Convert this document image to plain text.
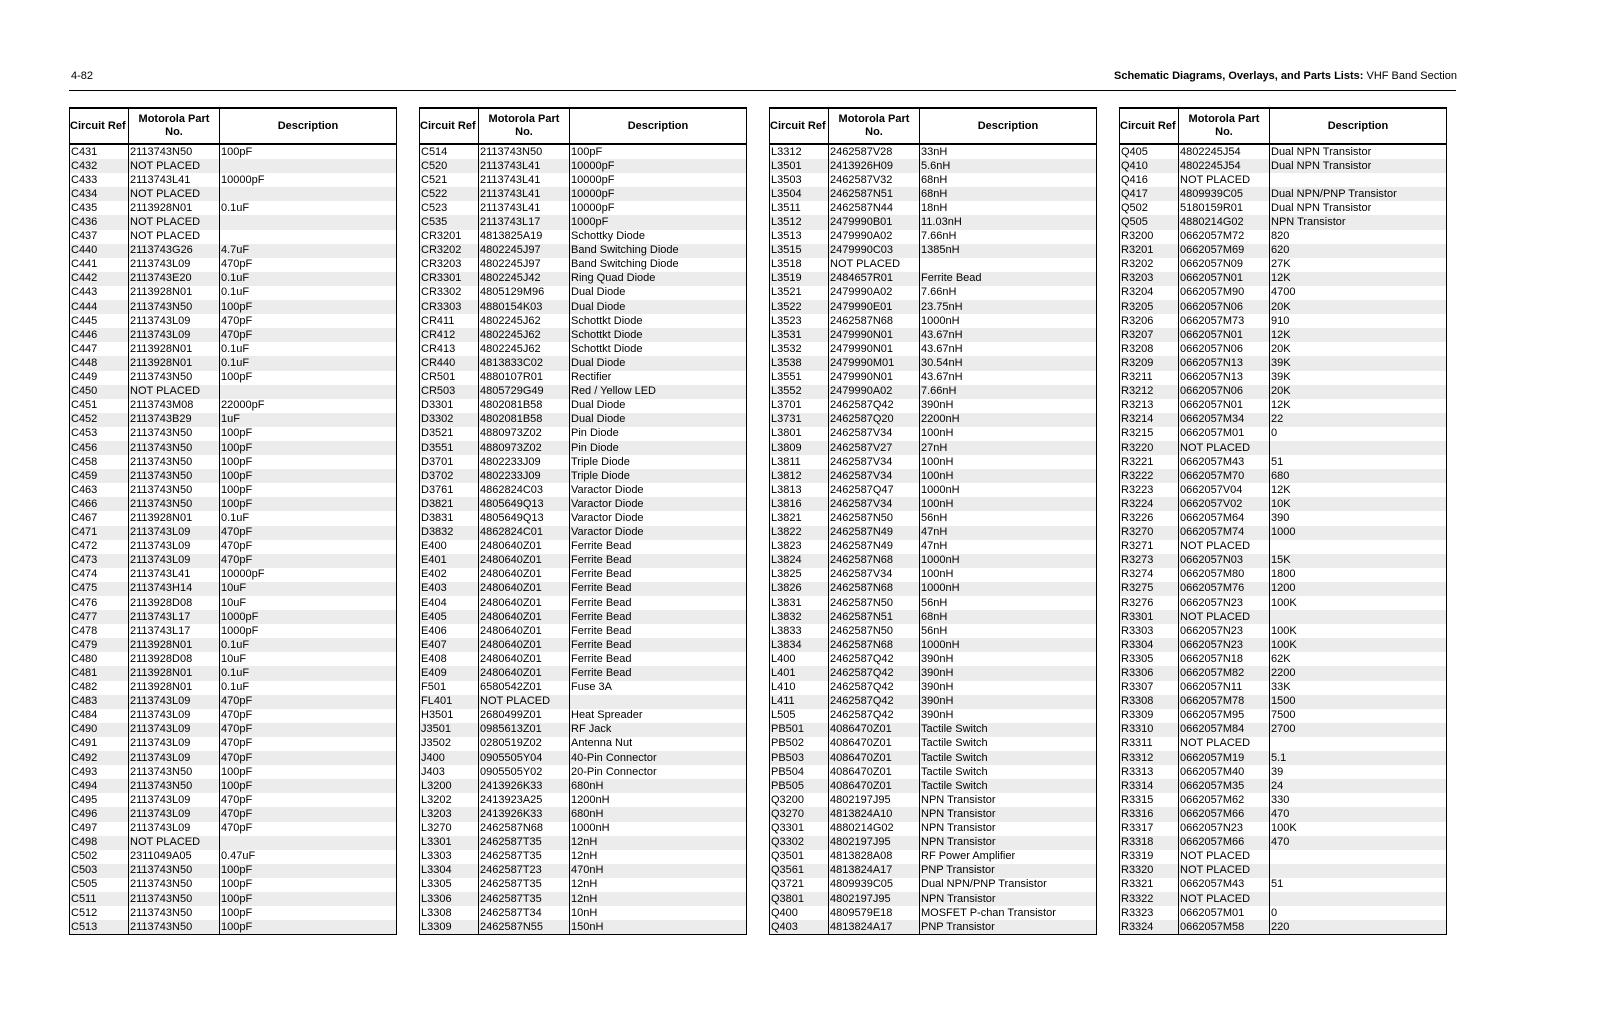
4-82	Schematic Diagrams, Overlays, and Parts Lists: VHF Band Section
Circuit Ref	Motorola Part No.	Description
C431	2113743N50	100pF
C432	NOT PLACED	
C433	2113743L41	10000pF
C434	NOT PLACED	
C435	2113928N01	0.1uF
C436	NOT PLACED	
C437	NOT PLACED	
C440	2113743G26	4.7uF
C441	2113743L09	470pF
C442	2113743E20	0.1uF
C443	2113928N01	0.1uF
C444	2113743N50	100pF
C445	2113743L09	470pF
C446	2113743L09	470pF
C447	2113928N01	0.1uF
C448	2113928N01	0.1uF
C449	2113743N50	100pF
C450	NOT PLACED	
C451	2113743M08	22000pF
C452	2113743B29	1uF
C453	2113743N50	100pF
C456	2113743N50	100pF
C458	2113743N50	100pF
C459	2113743N50	100pF
C463	2113743N50	100pF
C466	2113743N50	100pF
C467	2113928N01	0.1uF
C471	2113743L09	470pF
C472	2113743L09	470pF
C473	2113743L09	470pF
C474	2113743L41	10000pF
C475	2113743H14	10uF
C476	2113928D08	10uF
C477	2113743L17	1000pF
C478	2113743L17	1000pF
C479	2113928N01	0.1uF
C480	2113928D08	10uF
C481	2113928N01	0.1uF
C482	2113928N01	0.1uF
C483	2113743L09	470pF
C484	2113743L09	470pF
C490	2113743L09	470pF
C491	2113743L09	470pF
C492	2113743L09	470pF
C493	2113743N50	100pF
C494	2113743N50	100pF
C495	2113743L09	470pF
C496	2113743L09	470pF
C497	2113743L09	470pF
C498	NOT PLACED	
C502	2311049A05	0.47uF
C503	2113743N50	100pF
C505	2113743N50	100pF
C511	2113743N50	100pF
C512	2113743N50	100pF
C513	2113743N50	100pF
Circuit Ref	Motorola Part No.	Description
C514	2113743N50	100pF
C520	2113743L41	10000pF
C521	2113743L41	10000pF
C522	2113743L41	10000pF
C523	2113743L41	10000pF
C535	2113743L17	1000pF
CR3201	4813825A19	Schottky Diode
CR3202	4802245J97	Band Switching Diode
CR3203	4802245J97	Band Switching Diode
CR3301	4802245J42	Ring Quad Diode
CR3302	4805129M96	Dual Diode
CR3303	4880154K03	Dual Diode
CR411	4802245J62	Schottkt Diode
CR412	4802245J62	Schottkt Diode
CR413	4802245J62	Schottkt Diode
CR440	4813833C02	Dual Diode
CR501	4880107R01	Rectifier
CR503	4805729G49	Red / Yellow LED
D3301	4802081B58	Dual Diode
D3302	4802081B58	Dual Diode
D3521	4880973Z02	Pin Diode
D3551	4880973Z02	Pin Diode
D3701	4802233J09	Triple Diode
D3702	4802233J09	Triple Diode
D3761	4862824C03	Varactor Diode
D3821	4805649Q13	Varactor Diode
D3831	4805649Q13	Varactor Diode
D3832	4862824C01	Varactor Diode
E400	2480640Z01	Ferrite Bead
E401	2480640Z01	Ferrite Bead
E402	2480640Z01	Ferrite Bead
E403	2480640Z01	Ferrite Bead
E404	2480640Z01	Ferrite Bead
E405	2480640Z01	Ferrite Bead
E406	2480640Z01	Ferrite Bead
E407	2480640Z01	Ferrite Bead
E408	2480640Z01	Ferrite Bead
E409	2480640Z01	Ferrite Bead
F501	6580542Z01	Fuse 3A
FL401	NOT PLACED	
H3501	2680499Z01	Heat Spreader
J3501	0985613Z01	RF Jack
J3502	0280519Z02	Antenna Nut
J400	0905505Y04	40-Pin Connector
J403	0905505Y02	20-Pin Connector
L3200	2413926K33	680nH
L3202	2413923A25	1200nH
L3203	2413926K33	680nH
L3270	2462587N68	1000nH
L3301	2462587T35	12nH
L3303	2462587T35	12nH
L3304	2462587T23	470nH
L3305	2462587T35	12nH
L3306	2462587T35	12nH
L3308	2462587T34	10nH
L3309	2462587N55	150nH
Circuit Ref	Motorola Part No.	Description
L3312	2462587V28	33nH
L3501	2413926H09	5.6nH
L3503	2462587V32	68nH
L3504	2462587N51	68nH
L3511	2462587N44	18nH
L3512	2479990B01	11.03nH
L3513	2479990A02	7.66nH
L3515	2479990C03	1385nH
L3518	NOT PLACED	
L3519	2484657R01	Ferrite Bead
L3521	2479990A02	7.66nH
L3522	2479990E01	23.75nH
L3523	2462587N68	1000nH
L3531	2479990N01	43.67nH
L3532	2479990N01	43.67nH
L3538	2479990M01	30.54nH
L3551	2479990N01	43.67nH
L3552	2479990A02	7.66nH
L3701	2462587Q42	390nH
L3731	2462587Q20	2200nH
L3801	2462587V34	100nH
L3809	2462587V27	27nH
L3811	2462587V34	100nH
L3812	2462587V34	100nH
L3813	2462587Q47	1000nH
L3816	2462587V34	100nH
L3821	2462587N50	56nH
L3822	2462587N49	47nH
L3823	2462587N49	47nH
L3824	2462587N68	1000nH
L3825	2462587V34	100nH
L3826	2462587N68	1000nH
L3831	2462587N50	56nH
L3832	2462587N51	68nH
L3833	2462587N50	56nH
L3834	2462587N68	1000nH
L400	2462587Q42	390nH
L401	2462587Q42	390nH
L410	2462587Q42	390nH
L411	2462587Q42	390nH
L505	2462587Q42	390nH
PB501	4086470Z01	Tactile Switch
PB502	4086470Z01	Tactile Switch
PB503	4086470Z01	Tactile Switch
PB504	4086470Z01	Tactile Switch
PB505	4086470Z01	Tactile Switch
Q3200	4802197J95	NPN Transistor
Q3270	4813824A10	NPN Transistor
Q3301	4880214G02	NPN Transistor
Q3302	4802197J95	NPN Transistor
Q3501	4813828A08	RF Power Amplifier
Q3561	4813824A17	PNP Transistor
Q3721	4809939C05	Dual NPN/PNP Transistor
Q3801	4802197J95	NPN Transistor
Q400	4809579E18	MOSFET P-chan Transistor
Q403	4813824A17	PNP Transistor
Circuit Ref	Motorola Part No.	Description
Q405	4802245J54	Dual NPN Transistor
Q410	4802245J54	Dual NPN Transistor
Q416	NOT PLACED	
Q417	4809939C05	Dual NPN/PNP Transistor
Q502	5180159R01	Dual NPN Transistor
Q505	4880214G02	NPN Transistor
R3200	0662057M72	820
R3201	0662057M69	620
R3202	0662057N09	27K
R3203	0662057N01	12K
R3204	0662057M90	4700
R3205	0662057N06	20K
R3206	0662057M73	910
R3207	0662057N01	12K
R3208	0662057N06	20K
R3209	0662057N13	39K
R3211	0662057N13	39K
R3212	0662057N06	20K
R3213	0662057N01	12K
R3214	0662057M34	22
R3215	0662057M01	0
R3220	NOT PLACED	
R3221	0662057M43	51
R3222	0662057M70	680
R3223	0662057V04	12K
R3224	0662057V02	10K
R3226	0662057M64	390
R3270	0662057M74	1000
R3271	NOT PLACED	
R3273	0662057N03	15K
R3274	0662057M80	1800
R3275	0662057M76	1200
R3276	0662057N23	100K
R3301	NOT PLACED	
R3303	0662057N23	100K
R3304	0662057N23	100K
R3305	0662057N18	62K
R3306	0662057M82	2200
R3307	0662057N11	33K
R3308	0662057M78	1500
R3309	0662057M95	7500
R3310	0662057M84	2700
R3311	NOT PLACED	
R3312	0662057M19	5.1
R3313	0662057M40	39
R3314	0662057M35	24
R3315	0662057M62	330
R3316	0662057M66	470
R3317	0662057N23	100K
R3318	0662057M66	470
R3319	NOT PLACED	
R3320	NOT PLACED	
R3321	0662057M43	51
R3322	NOT PLACED	
R3323	0662057M01	0
R3324	0662057M58	220
